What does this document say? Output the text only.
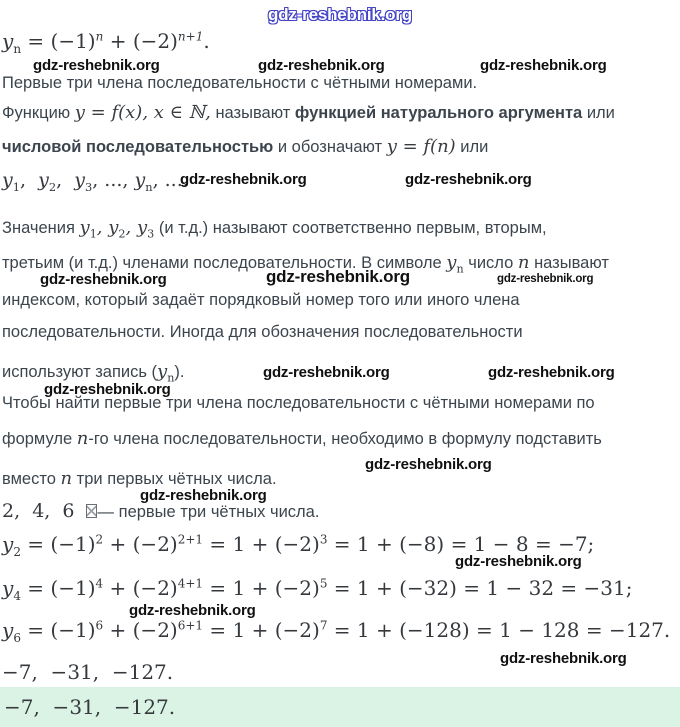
gdz-reshebnik.org
$y_n = (-1)^n + (-2)^{n+1}$.
gdz-reshebnik.org	gdz-reshebnik.org	gdz-reshebnik.org
Первые три члена последовательности с чётными номерами.
Функцию y = f(x), x ∈ ℕ, называют функцией натурального аргумента или
числовой последовательностью и обозначают y = f(n) или
$y_1$,  $y_2$,  $y_3$, ..., $y_n$, ....
gdz-reshebnik.org	gdz-reshebnik.org
Значения $y_1$, $y_2$, $y_3$ (и т.д.) называют соответственно первым, вторым,
третьим (и т.д.) членами последовательности. В символе $y_n$ число n называют
gdz-reshebnik.org	gdz-reshebnik.org	gdz-reshebnik.org
индексом, который задаёт порядковый номер того или иного члена
последовательности. Иногда для обозначения последовательности
используют запись $(y_n)$.	gdz-reshebnik.org	gdz-reshebnik.org
gdz-reshebnik.org
Чтобы найти первые три члена последовательности с чётными номерами по
формуле n-го члена последовательности, необходимо в формулу подставить
gdz-reshebnik.org
вместо n три первых чётных числа.
gdz-reshebnik.org
2,  4,  6 — первые три чётных числа.
$y_2 = (-1)^2 + (-2)^{2+1} = 1 + (-2)^3 = 1 + (-8) = 1 - 8 = -7$;
gdz-reshebnik.org
$y_4 = (-1)^4 + (-2)^{4+1} = 1 + (-2)^5 = 1 + (-32) = 1 - 32 = -31$;
gdz-reshebnik.org
$y_6 = (-1)^6 + (-2)^{6+1} = 1 + (-2)^7 = 1 + (-128) = 1 - 128 = -127$.
gdz-reshebnik.org
−7,  −31,  −127.
−7,  −31,  −127.
